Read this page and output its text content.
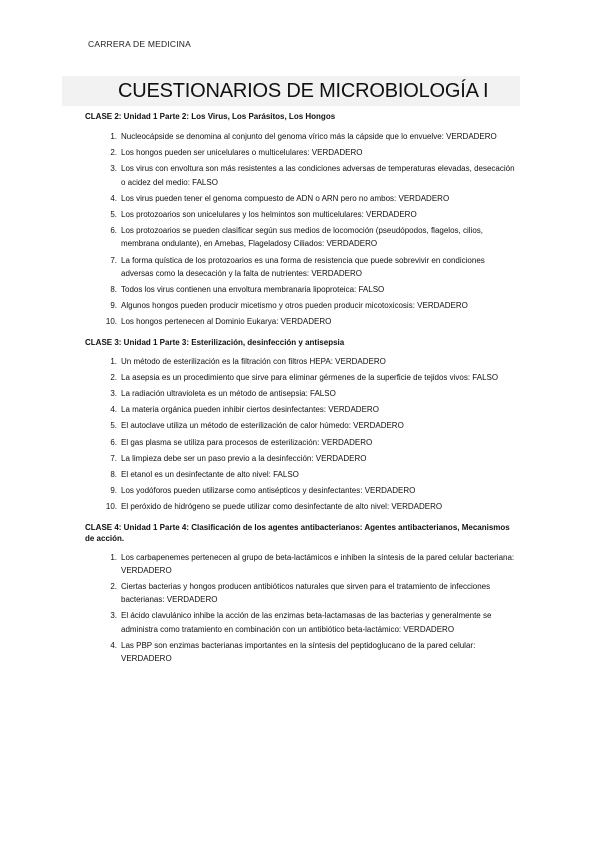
CARRERA DE MEDICINA
CUESTIONARIOS DE MICROBIOLOGÍA I
CLASE 2: Unidad 1 Parte 2: Los Virus, Los Parásitos, Los Hongos
1. Nucleocápside se denomina al conjunto del genoma vírico más la cápside que lo envuelve: VERDADERO
2. Los hongos pueden ser unicelulares o multicelulares: VERDADERO
3. Los virus con envoltura son más resistentes a las condiciones adversas de temperaturas elevadas, desecación o acidez del medio: FALSO
4. Los virus pueden tener el genoma compuesto de ADN o ARN pero no ambos: VERDADERO
5. Los protozoarios son unicelulares y los helmintos son multicelulares: VERDADERO
6. Los protozoarios se pueden clasificar según sus medios de locomoción (pseudópodos, flagelos, cilios, membrana ondulante), en Amebas, Flageladosy Ciliados: VERDADERO
7. La forma quística de los protozoarios es una forma de resistencia que puede sobrevivir en condiciones adversas como la desecación y la falta de nutrientes: VERDADERO
8. Todos los virus contienen una envoltura membranaria lipoproteica: FALSO
9. Algunos hongos pueden producir micetismo y otros pueden producir micotoxicosis: VERDADERO
10. Los hongos pertenecen al Dominio Eukarya: VERDADERO
CLASE 3: Unidad 1 Parte 3: Esterilización, desinfección y antisepsia
1. Un método de esterilización es la filtración con filtros HEPA: VERDADERO
2. La asepsia es un procedimiento que sirve para eliminar gérmenes de la superficie de tejidos vivos: FALSO
3. La radiación ultravioleta es un método de antisepsia: FALSO
4. La materia orgánica pueden inhibir ciertos desinfectantes: VERDADERO
5. El autoclave utiliza un método de esterilización de calor húmedo: VERDADERO
6. El gas plasma se utiliza para procesos de esterilización: VERDADERO
7. La limpieza debe ser un paso previo a la desinfección: VERDADERO
8. El etanol es un desinfectante de alto nivel: FALSO
9. Los yodóforos pueden utilizarse como antisépticos y desinfectantes: VERDADERO
10. El peróxido de hidrógeno se puede utilizar como desinfectante de alto nivel: VERDADERO
CLASE 4: Unidad 1 Parte 4: Clasificación de los agentes antibacterianos: Agentes antibacterianos, Mecanismos de acción.
1. Los carbapenemes pertenecen al grupo de beta-lactámicos e inhiben la síntesis de la pared celular bacteriana: VERDADERO
2. Ciertas bacterias y hongos producen antibióticos naturales que sirven para el tratamiento de infecciones bacterianas: VERDADERO
3. El ácido clavulánico inhibe la acción de las enzimas beta-lactamasas de las bacterias y generalmente se administra como tratamiento en combinación con un antibiótico beta-lactámico: VERDADERO
4. Las PBP son enzimas bacterianas importantes en la síntesis del peptidoglucano de la pared celular: VERDADERO
